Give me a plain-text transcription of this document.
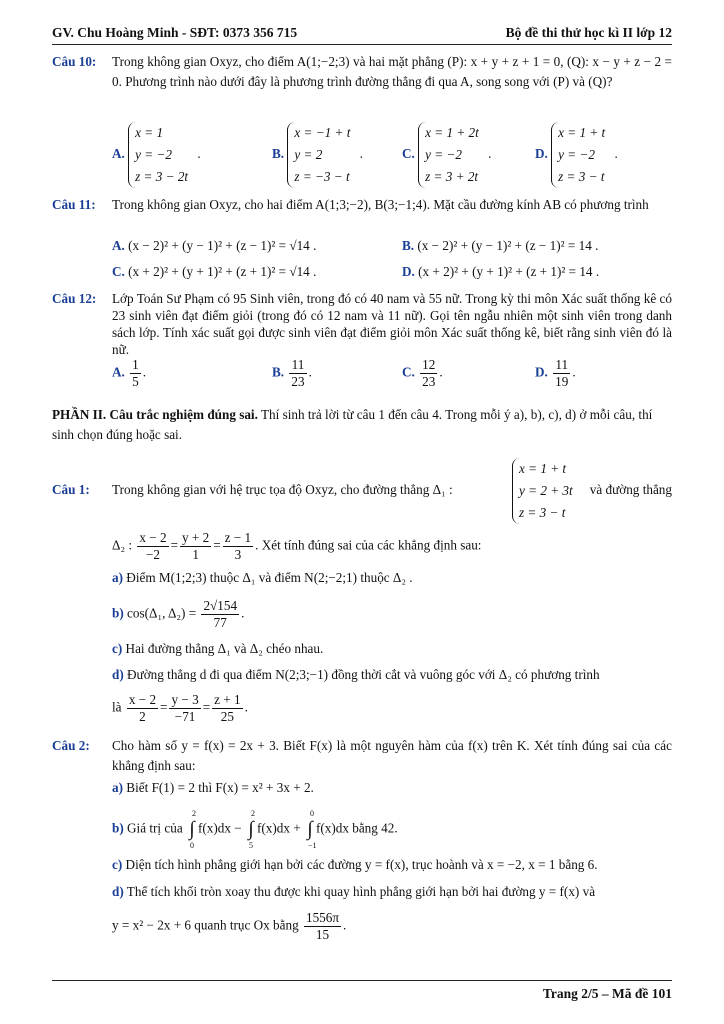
GV. Chu Hoàng Minh - SĐT: 0373 356 715	Bộ đề thi thử học kì II lớp 12
Câu 10: Trong không gian Oxyz, cho điểm A(1;−2;3) và hai mặt phẳng (P): x + y + z + 1 = 0, (Q): x − y + z − 2 = 0. Phương trình nào dưới đây là phương trình đường thẳng đi qua A, song song với (P) và (Q)?
A. x = 1
y = −2
z = 3 − 2t .	B. x = −1 + t
y = 2
z = −3 − t .	C. x = 1 + 2t
y = −2
z = 3 + 2t .	D. x = 1 + t
y = −2
z = 3 − t .
Câu 11: Trong không gian Oxyz, cho hai điểm A(1;3;−2), B(3;−1;4). Mặt cầu đường kính AB có phương trình
A. (x − 2)² + (y − 1)² + (z − 1)² = √14 .	B. (x − 2)² + (y − 1)² + (z − 1)² = 14 .
C. (x + 2)² + (y + 1)² + (z + 1)² = √14 .	D. (x + 2)² + (y + 1)² + (z + 1)² = 14 .
Câu 12: Lớp Toán Sư Phạm có 95 Sinh viên, trong đó có 40 nam và 55 nữ. Trong kỳ thi môn Xác suất thống kê có 23 sinh viên đạt điểm giỏi (trong đó có 12 nam và 11 nữ). Gọi tên ngẫu nhiên một sinh viên trong danh sách lớp. Tính xác suất gọi được sinh viên đạt điểm giỏi môn Xác suất thống kê, biết rằng sinh viên đó là nữ.
A. $\frac{1}{5}$ .	B. $\frac{11}{23}$ .	C. $\frac{12}{23}$ .	D. $\frac{11}{19}$ .
PHẦN II. Câu trắc nghiệm đúng sai. Thí sinh trả lời từ câu 1 đến câu 4. Trong mỗi ý a), b), c), d) ở mỗi câu, thí sinh chọn đúng hoặc sai.
Câu 1: Trong không gian với hệ trục tọa độ Oxyz, cho đường thẳng Δ₁ :
x = 1 + t
y = 2 + 3t
z = 3 − t
và đường thẳng
Δ₂ : $\frac{x - 2}{-2} = \frac{y + 2}{1} = \frac{z - 1}{3}$ . Xét tính đúng sai của các khẳng định sau:
a) Điểm M(1;2;3) thuộc Δ₁ và điểm N(2;−2;1) thuộc Δ₂ .
b) cos(Δ₁, $\Delta_2) = \frac{2√154}{77}$ .
c) Hai đường thẳng Δ₁ và Δ₂ chéo nhau.
d) Đường thẳng d đi qua điểm N(2;3;−1) đồng thời cắt và vuông góc với Δ₂ có phương trình
là $\frac{x - 2}{2} = \frac{y - 3}{-71} = \frac{z + 1}{25}$ .
Câu 2: Cho hàm số y = f(x) = 2x + 3. Biết F(x) là một nguyên hàm của f(x) trên K. Xét tính đúng sai của các khẳng định sau:
a) Biết F(1) = 2 thì F(x) = x² + 3x + 2.
b) Giá trị của
2
∫
0
f(x)dx −
2
∫
5
f(x)dx +
0
∫
−1
f(x)dx bằng 42.
c) Diện tích hình phẳng giới hạn bởi các đường y = f(x), trục hoành và x = −2, x = 1 bằng 6.
d) Thể tích khối tròn xoay thu được khi quay hình phẳng giới hạn bởi hai đường y = f(x) và
y = x² − 2x + 6 quanh trục Ox bằng $\frac{1556\pi}{15}$ .
Trang 2/5 – Mã đề 101
